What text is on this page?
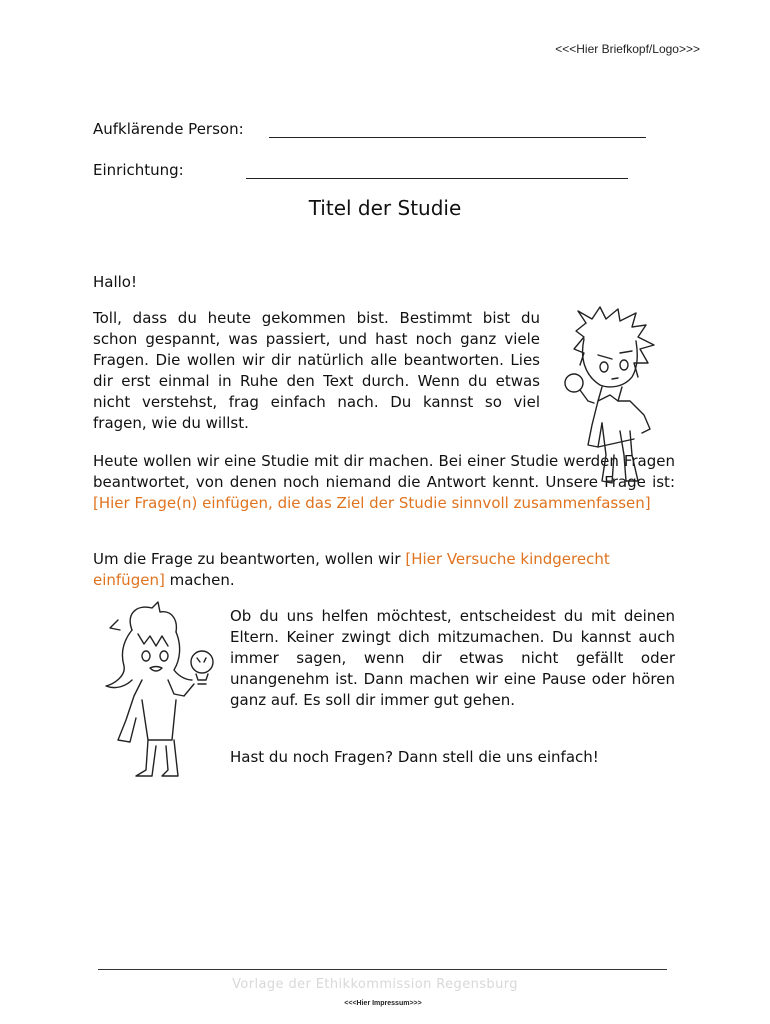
<<<Hier Briefkopf/Logo>>>
Aufklärende Person:
Einrichtung:
Titel der Studie

Hallo!

Toll, dass du heute gekommen bist. Bestimmt bist du schon gespannt, was passiert, und hast noch ganz viele Fragen. Die wollen wir dir natürlich alle beantworten. Lies dir erst einmal in Ruhe den Text durch. Wenn du etwas nicht verstehst, frag einfach nach. Du kannst so viel fragen, wie du willst.

Heute wollen wir eine Studie mit dir machen. Bei einer Studie werden Fragen beantwortet, von denen noch niemand die Antwort kennt. Unsere Frage ist: [Hier Frage(n) einfügen, die das Ziel der Studie sinnvoll zusammenfassen]

Um die Frage zu beantworten, wollen wir [Hier Versuche kindgerecht einfügen] machen.

Ob du uns helfen möchtest, entscheidest du mit deinen Eltern. Keiner zwingt dich mitzumachen. Du kannst auch immer sagen, wenn dir etwas nicht gefällt oder unangenehm ist. Dann machen wir eine Pause oder hören ganz auf. Es soll dir immer gut gehen.

Hast du noch Fragen? Dann stell die uns einfach!

Vorlage der Ethikkommission Regensburg
<<<Hier Impressum>>>
